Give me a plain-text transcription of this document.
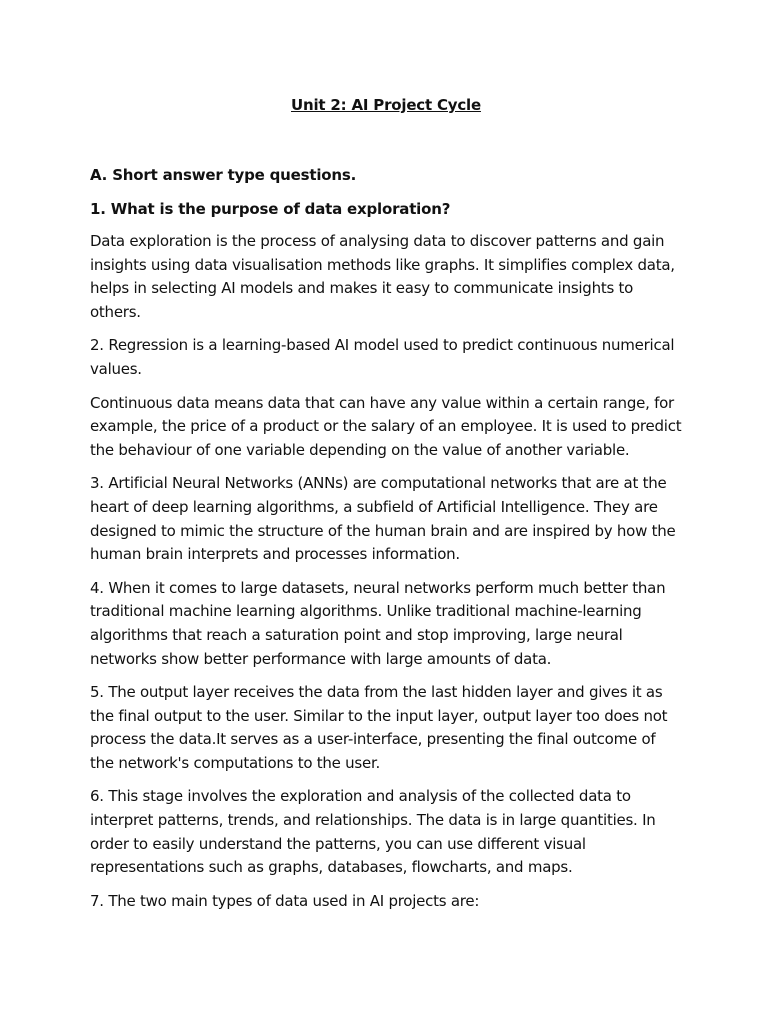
Unit 2: AI Project Cycle
A. Short answer type questions.
1. What is the purpose of data exploration?

Data exploration is the process of analysing data to discover patterns and gain insights using data visualisation methods like graphs. It simplifies complex data, helps in selecting AI models and makes it easy to communicate insights to others.

2. Regression is a learning-based AI model used to predict continuous numerical values.

Continuous data means data that can have any value within a certain range, for example, the price of a product or the salary of an employee. It is used to predict the behaviour of one variable depending on the value of another variable.

3. Artificial Neural Networks (ANNs) are computational networks that are at the heart of deep learning algorithms, a subfield of Artificial Intelligence. They are designed to mimic the structure of the human brain and are inspired by how the human brain interprets and processes information.

4. When it comes to large datasets, neural networks perform much better than traditional machine learning algorithms. Unlike traditional machine-learning algorithms that reach a saturation point and stop improving, large neural networks show better performance with large amounts of data.

5. The output layer receives the data from the last hidden layer and gives it as the final output to the user. Similar to the input layer, output layer too does not process the data.It serves as a user-interface, presenting the final outcome of the network's computations to the user.

6. This stage involves the exploration and analysis of the collected data to interpret patterns, trends, and relationships. The data is in large quantities. In order to easily understand the patterns, you can use different visual representations such as graphs, databases, flowcharts, and maps.

7. The two main types of data used in AI projects are:
